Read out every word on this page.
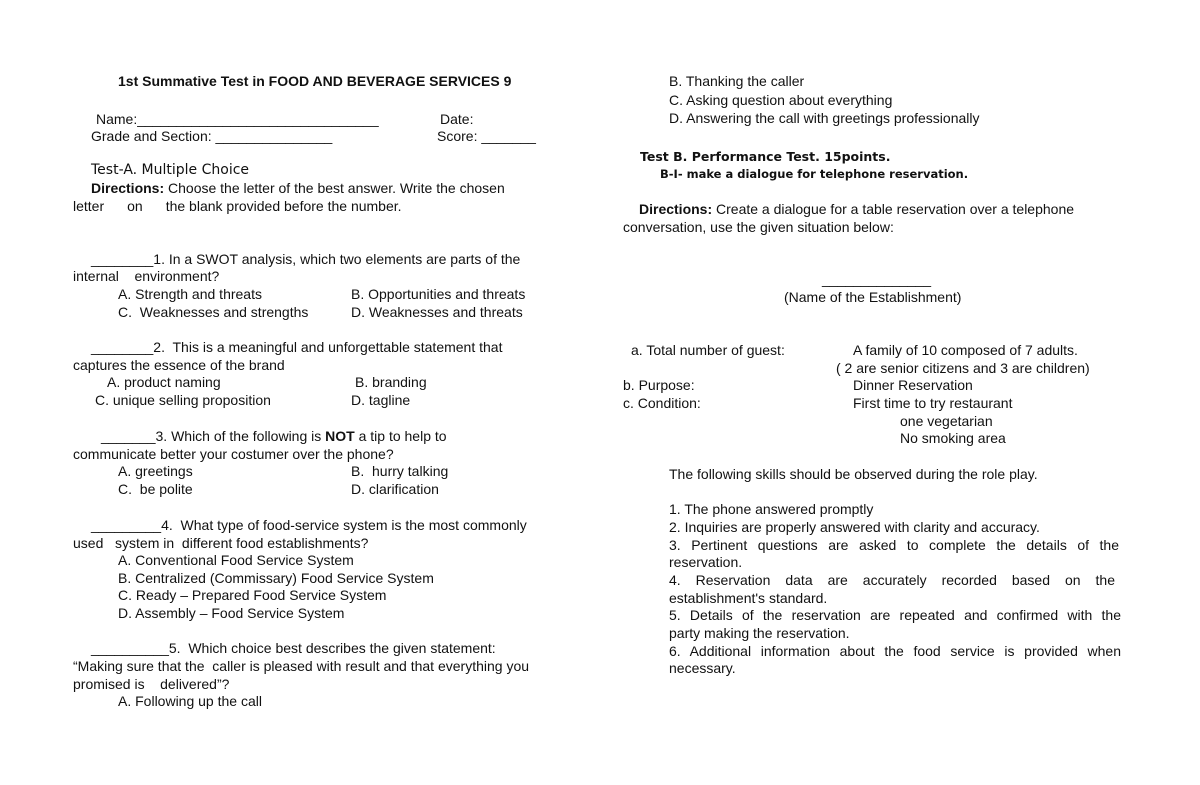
1st Summative Test in FOOD AND BEVERAGE SERVICES 9
Name:_______________________________	Date:
Grade and Section: _______________	Score: _______
Test-A. Multiple Choice
Directions: Choose the letter of the best answer. Write the chosen
letter on the blank provided before the number.
________1. In a SWOT analysis, which two elements are parts of the
internal    environment?
A. Strength and threats	B. Opportunities and threats
C.  Weaknesses and strengths	D. Weaknesses and threats
________2.  This is a meaningful and unforgettable statement that
captures the essence of the brand
A. product naming	B. branding
C. unique selling proposition	D. tagline
_______3. Which of the following is NOT a tip to help to
communicate better your costumer over the phone?
A. greetings	B.  hurry talking
C.  be polite	D. clarification
_________4.  What type of food-service system is the most commonly
used   system in  different food establishments?
A. Conventional Food Service System
B. Centralized (Commissary) Food Service System
C. Ready – Prepared Food Service System
D. Assembly – Food Service System
__________5.  Which choice best describes the given statement:
“Making sure that the  caller is pleased with result and that everything you
promised is    delivered”?
A. Following up the call
B. Thanking the caller
C. Asking question about everything
D. Answering the call with greetings professionally
Test B. Performance Test. 15points.
B-I- make a dialogue for telephone reservation.
Directions: Create a dialogue for a table reservation over a telephone
conversation, use the given situation below:
______________
(Name of the Establishment)
a. Total number of guest:	A family of 10 composed of 7 adults.
( 2 are senior citizens and 3 are children)
b. Purpose:	Dinner Reservation
c. Condition:	First time to try restaurant
one vegetarian
No smoking area
The following skills should be observed during the role play.
1. The phone answered promptly
2. Inquiries are properly answered with clarity and accuracy.
3. Pertinent questions are asked to complete the details of the
reservation.
4. Reservation data are accurately recorded based on the
establishment's standard.
5. Details of the reservation are repeated and confirmed with the
party making the reservation.
6. Additional information about the food service is provided when
necessary.
